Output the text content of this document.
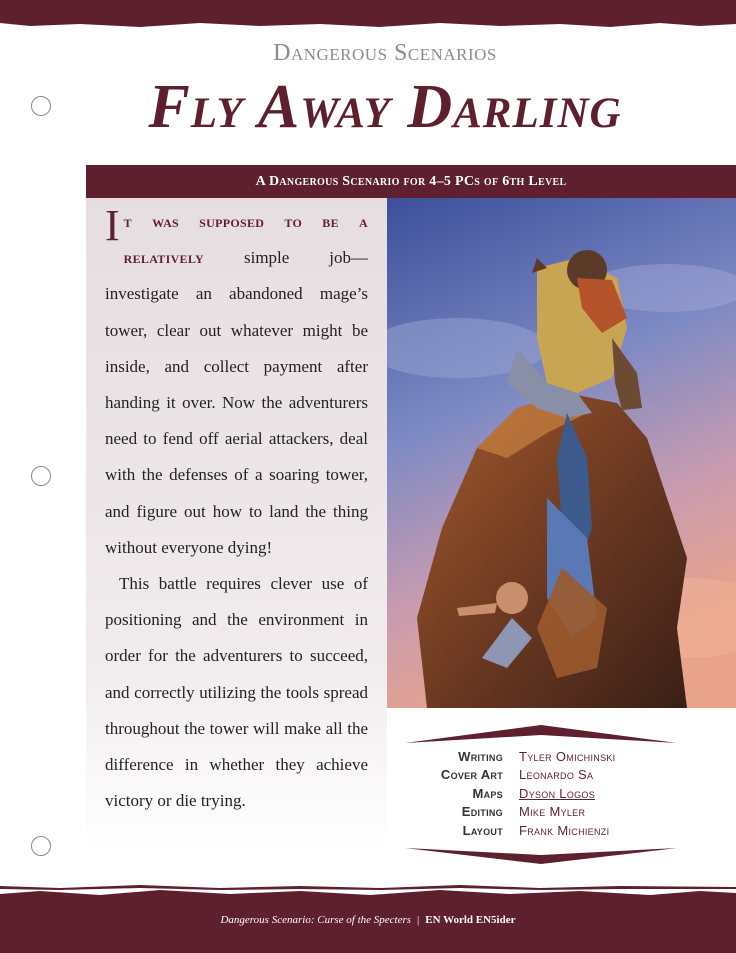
Dangerous Scenarios
Fly Away Darling
A Dangerous Scenario for 4–5 PCs of 6th Level

It was supposed to be a relatively simple job—investigate an abandoned mage’s tower, clear out whatever might be inside, and collect payment after handing it over. Now the adventurers need to fend off aerial attackers, deal with the defenses of a soaring tower, and figure out how to land the thing without everyone dying!

This battle requires clever use of positioning and the environment in order for the adventurers to succeed, and correctly utilizing the tools spread throughout the tower will make all the difference in whether they achieve victory or die trying.

Writing	Tyler Omichinski
Cover Art	Leonardo Sa
Maps	Dyson Logos
Editing	Mike Myler
Layout	Frank Michienzi
Dangerous Scenario: Curse of the Specters | EN World EN5ider
